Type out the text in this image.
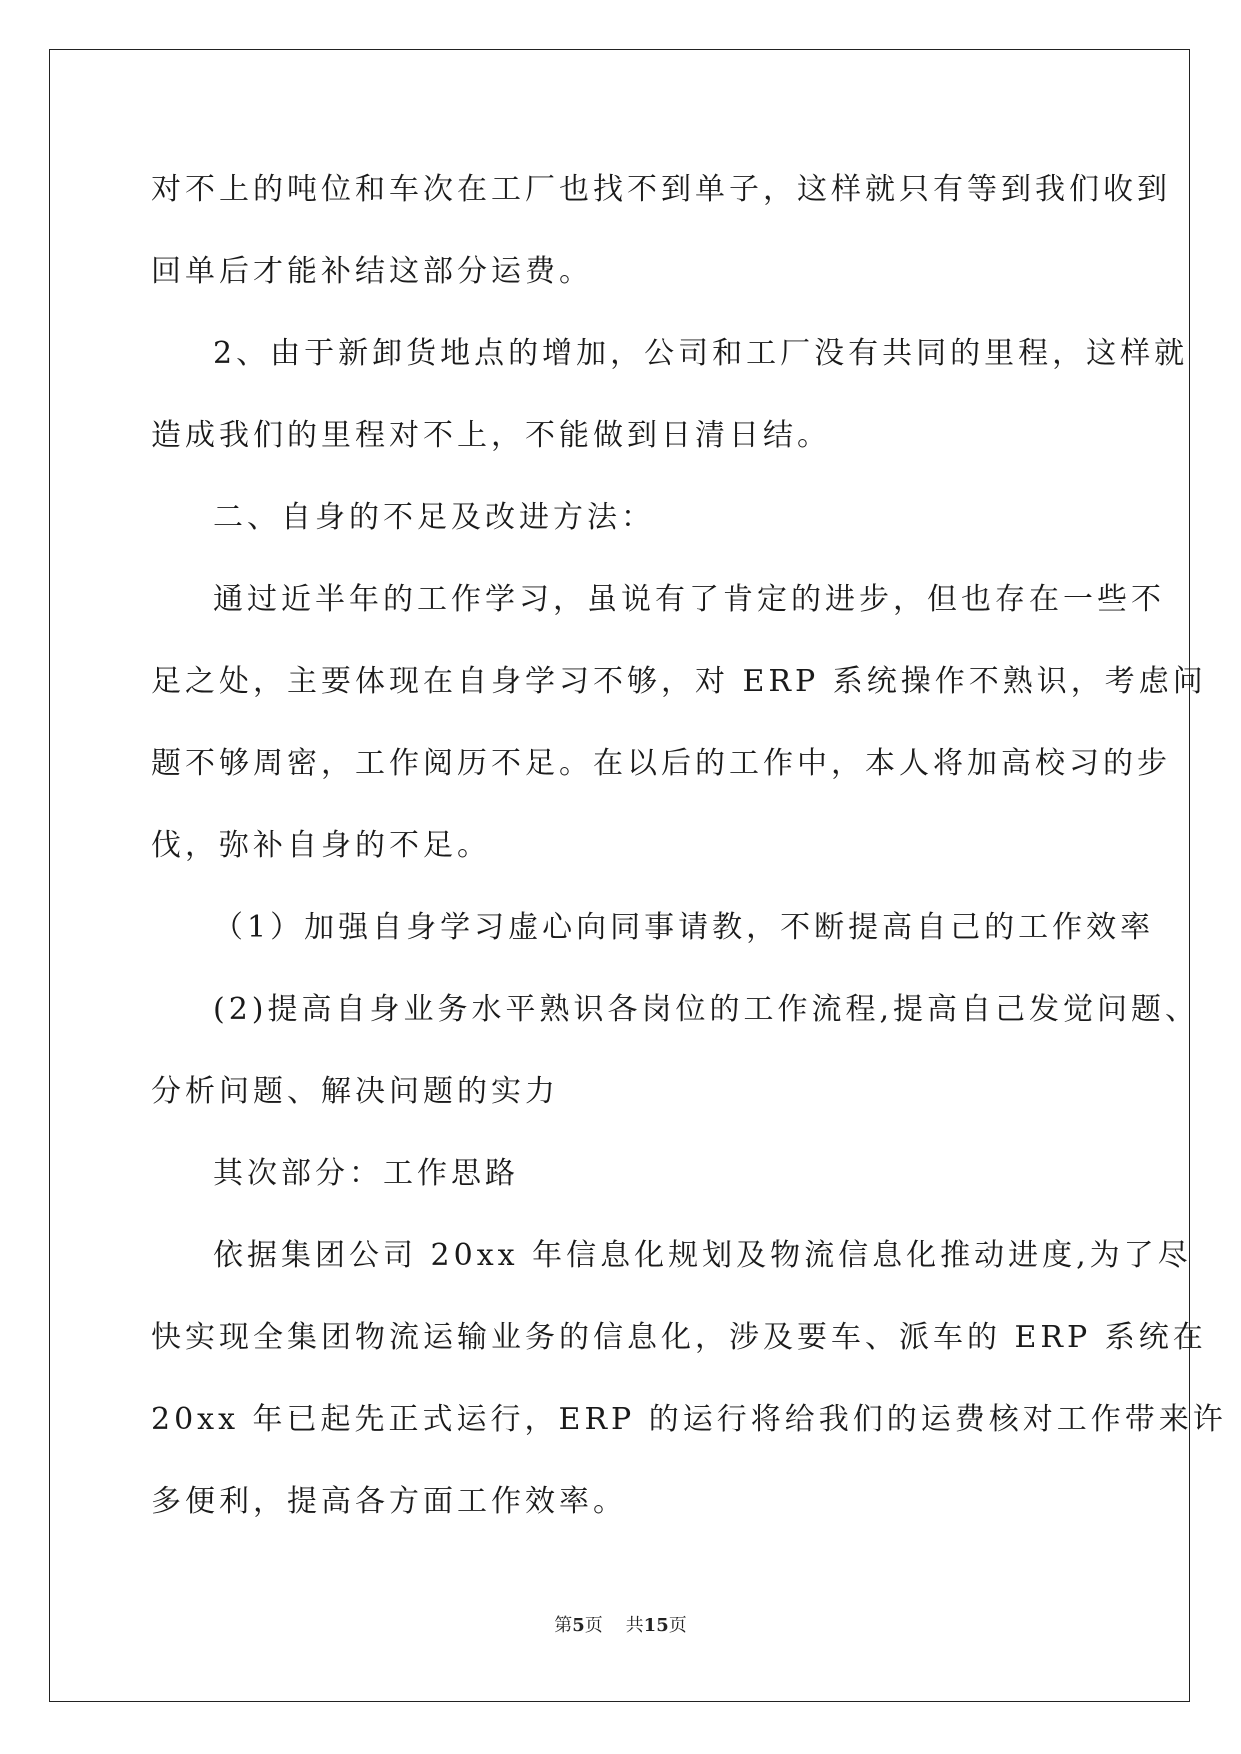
对不上的吨位和车次在工厂也找不到单子，这样就只有等到我们收到
回单后才能补结这部分运费。
2、由于新卸货地点的增加，公司和工厂没有共同的里程，这样就
造成我们的里程对不上，不能做到日清日结。
二、自身的不足及改进方法：
通过近半年的工作学习，虽说有了肯定的进步，但也存在一些不
足之处，主要体现在自身学习不够，对 ERP 系统操作不熟识，考虑问
题不够周密，工作阅历不足。在以后的工作中，本人将加高校习的步
伐，弥补自身的不足。
（1）加强自身学习虚心向同事请教，不断提高自己的工作效率
(2)提高自身业务水平熟识各岗位的工作流程,提高自己发觉问题、
分析问题、解决问题的实力
其次部分：工作思路
依据集团公司 20xx 年信息化规划及物流信息化推动进度,为了尽
快实现全集团物流运输业务的信息化，涉及要车、派车的 ERP 系统在
20xx 年已起先正式运行，ERP 的运行将给我们的运费核对工作带来许
多便利，提高各方面工作效率。
第5页 共15页
